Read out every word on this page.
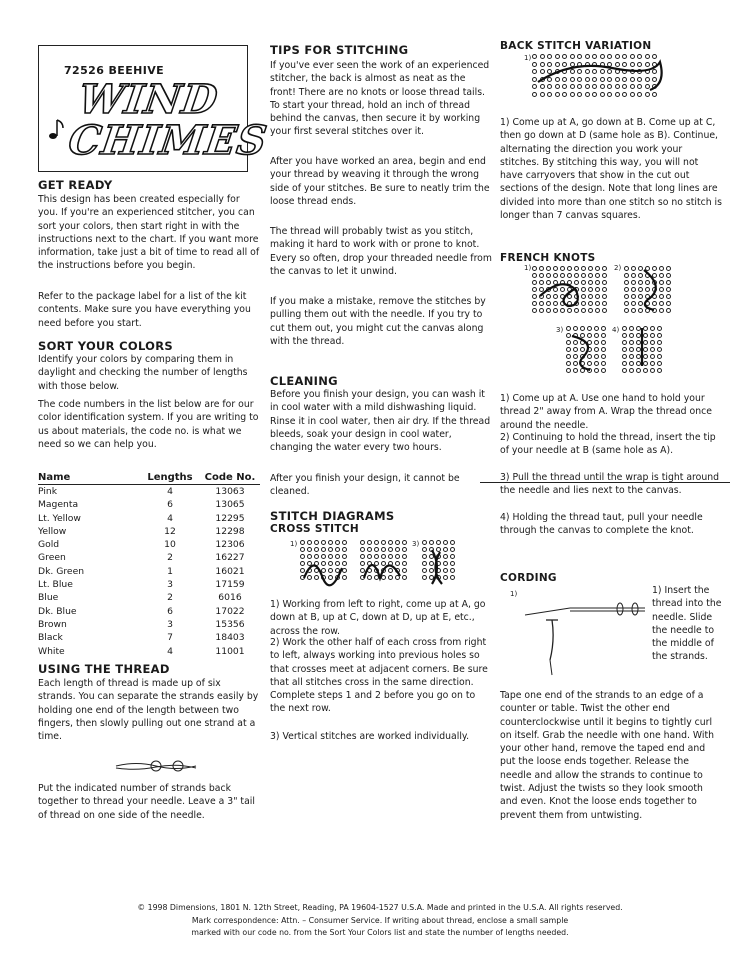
72526 BEEHIVE
WIND
CHIMES
GET READY

This design has been created especially for you. If you're an experienced stitcher, you can sort your colors, then start right in with the instructions next to the chart. If you want more information, take just a bit of time to read all of the instructions before you begin.

Refer to the package label for a list of the kit contents. Make sure you have everything you need before you start.

SORT YOUR COLORS

Identify your colors by comparing them in daylight and checking the number of lengths with those below.

The code numbers in the list below are for our color identification system. If you are writing to us about materials, the code no. is what we need so we can help you.

Name	Lengths	Code No.
Pink	4	13063
Magenta	6	13065
Lt. Yellow	4	12295
Yellow	12	12298
Gold	10	12306
Green	2	16227
Dk. Green	1	16021
Lt. Blue	3	17159
Blue	2	6016
Dk. Blue	6	17022
Brown	3	15356
Black	7	18403
White	4	11001
USING THE THREAD

Each length of thread is made up of six strands. You can separate the strands easily by holding one end of the length between two fingers, then slowly pulling out one strand at a time.

Put the indicated number of strands back together to thread your needle. Leave a 3" tail of thread on one side of the needle.

TIPS FOR STITCHING

If you've ever seen the work of an experienced stitcher, the back is almost as neat as the front! There are no knots or loose thread tails. To start your thread, hold an inch of thread behind the canvas, then secure it by working your first several stitches over it.

After you have worked an area, begin and end your thread by weaving it through the wrong side of your stitches. Be sure to neatly trim the loose thread ends.

The thread will probably twist as you stitch, making it hard to work with or prone to knot. Every so often, drop your threaded needle from the canvas to let it unwind.

If you make a mistake, remove the stitches by pulling them out with the needle. If you try to cut them out, you might cut the canvas along with the thread.

CLEANING

Before you finish your design, you can wash it in cool water with a mild dishwashing liquid. Rinse it in cool water, then air dry. If the thread bleeds, soak your design in cool water, changing the water every two hours.

After you finish your design, it cannot be cleaned.

STITCH DIAGRAMS
CROSS STITCH
1)	3)

1) Working from left to right, come up at A, go down at B, up at C, down at D, up at E, etc., across the row.

2) Work the other half of each cross from right to left, always working into previous holes so that crosses meet at adjacent corners. Be sure that all stitches cross in the same direction. Complete steps 1 and 2 before you go on to the next row.

3) Vertical stitches are worked individually.

BACK STITCH VARIATION
1)

1) Come up at A, go down at B. Come up at C, then go down at D (same hole as B). Continue, alternating the direction you work your stitches. By stitching this way, you will not have carryovers that show in the cut out sections of the design. Note that long lines are divided into more than one stitch so no stitch is longer than 7 canvas squares.

FRENCH KNOTS
1)	2)
3)	4)

1) Come up at A. Use one hand to hold your thread 2" away from A. Wrap the thread once around the needle.

2) Continuing to hold the thread, insert the tip of your needle at B (same hole as A).

3) Pull the thread until the wrap is tight around the needle and lies next to the canvas.

4) Holding the thread taut, pull your needle through the canvas to complete the knot.

CORDING
1)	1) Insert the thread into the needle. Slide the needle to the middle of the strands.

Tape one end of the strands to an edge of a counter or table. Twist the other end counterclockwise until it begins to tightly curl on itself. Grab the needle with one hand. With your other hand, remove the taped end and put the loose ends together. Release the needle and allow the strands to continue to twist. Adjust the twists so they look smooth and even. Knot the loose ends together to prevent them from untwisting.

© 1998 Dimensions, 1801 N. 12th Street, Reading, PA 19604-1527 U.S.A. Made and printed in the U.S.A. All rights reserved.
Mark correspondence: Attn. – Consumer Service. If writing about thread, enclose a small sample
marked with our code no. from the Sort Your Colors list and state the number of lengths needed.
